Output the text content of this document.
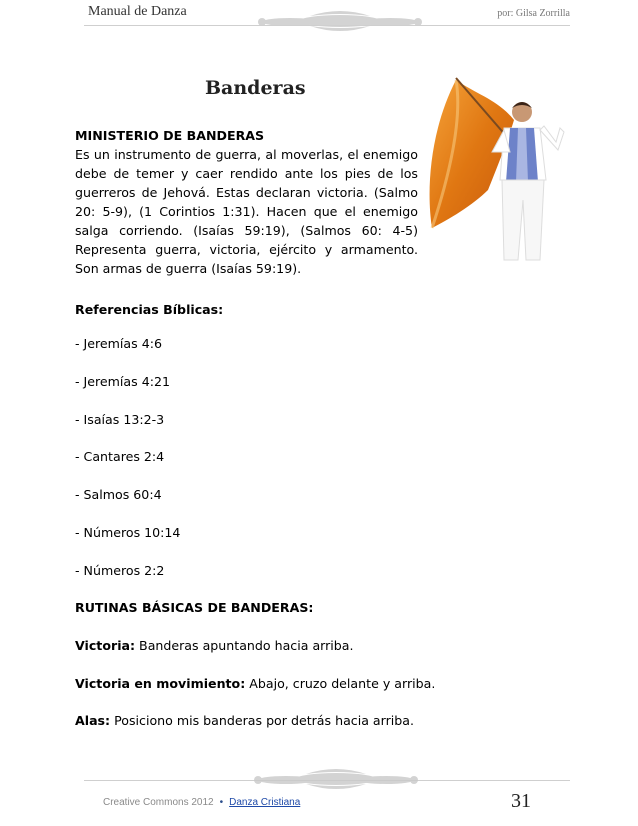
Manual de Danza	por: Gilsa Zorrilla
Banderas
MINISTERIO DE BANDERAS
Es un instrumento de guerra, al moverlas, el enemigo debe de temer y caer rendido ante los pies de los guerreros de Jehová. Estas declaran victoria. (Salmo 20: 5-9), (1 Corintios 1:31). Hacen que el enemigo salga corriendo. (Isaías 59:19), (Salmos 60: 4-5) Representa guerra, victoria, ejército y armamento. Son armas de guerra (Isaías 59:19).
Referencias Bíblicas:
- Jeremías 4:6
- Jeremías 4:21
- Isaías 13:2-3
- Cantares 2:4
- Salmos 60:4
- Números 10:14
- Números 2:2
RUTINAS BÁSICAS DE BANDERAS:
Victoria: Banderas apuntando hacia arriba.
Victoria en movimiento: Abajo, cruzo delante y arriba.
Alas: Posiciono mis banderas por detrás hacia arriba.
Creative Commons 2012 • Danza Cristiana	31
